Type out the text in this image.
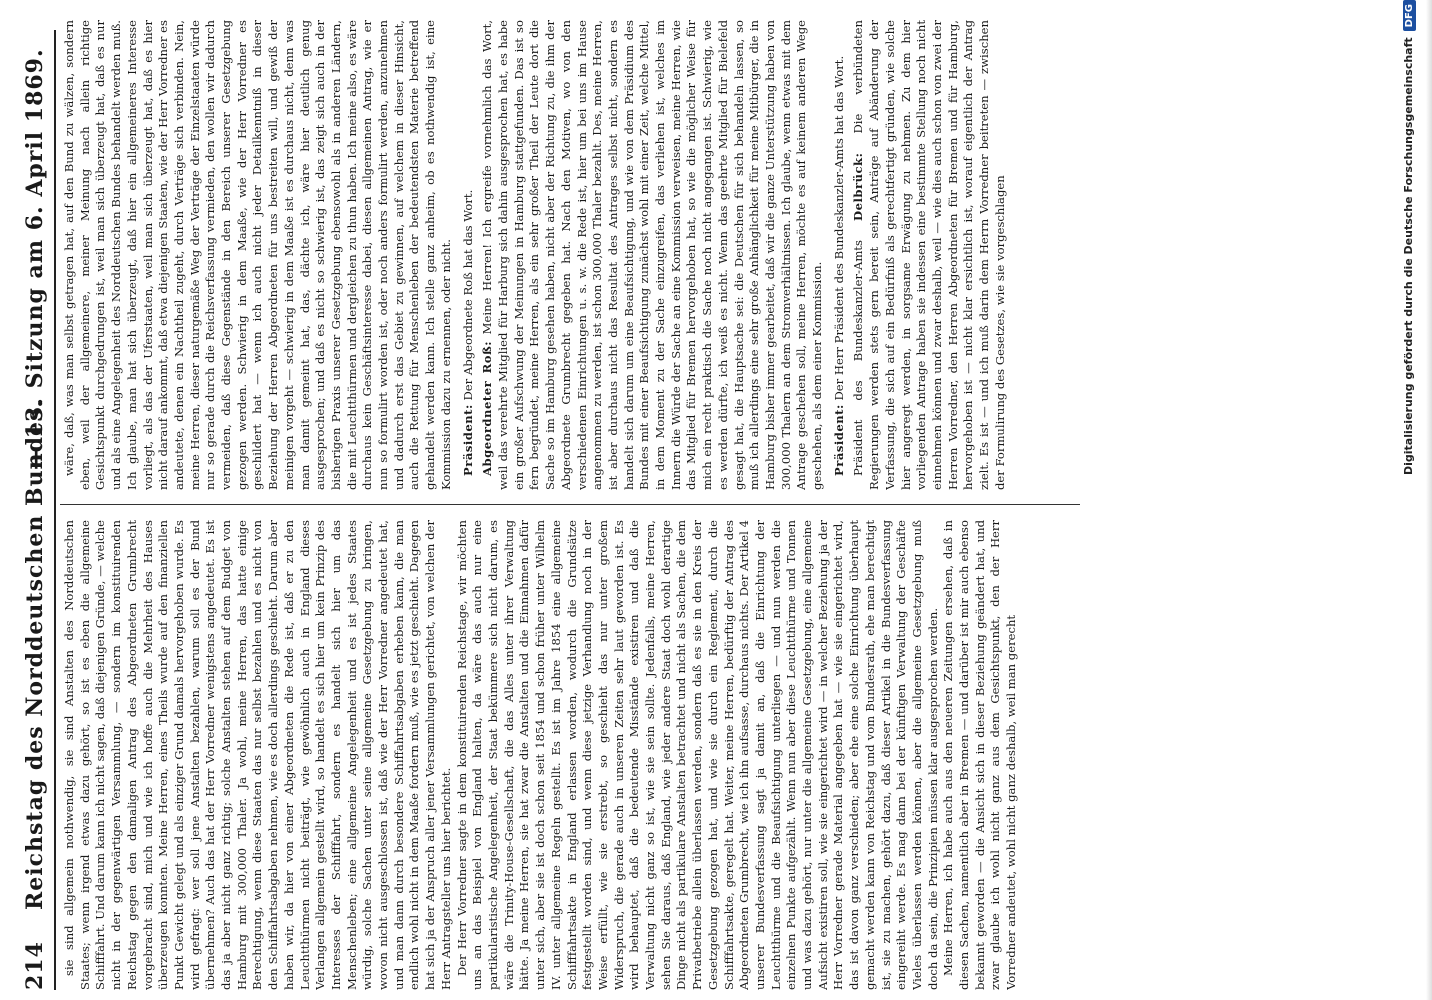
214
Reichstag des Norddeutschen Bundes.
— 13. Sitzung am 6. April 1869.

sie sind allgemein nothwendig, sie sind Anstalten des Norddeutschen Staates; wenn irgend etwas dazu gehört, so ist es eben die allgemeine Schifffahrt. Und darum kann ich nicht sagen, daß diejenigen Gründe, — welche nicht in der gegenwärtigen Versammlung, — sondern im konstituirenden Reichstag gegen den damaligen Antrag des Abgeordneten Grumbrecht vorgebracht sind, mich und wie ich hoffe auch die Mehrheit des Hauses überzeugen konnten. Meine Herren, eines Theils wurde auf den finanziellen Punkt Gewicht gelegt und als einziger Grund damals hervorgehoben wurde. Es wird gefragt: wer soll jene Anstalten bezahlen, warum soll es der Bund übernehmen? Auch das hat der Herr Vorredner wenigstens angedeutet. Es ist das ja aber nicht ganz richtig; solche Anstalten stehen auf dem Budget von Hamburg mit 300,000 Thaler. Ja wohl, meine Herren, das hatte einige Berechtigung, wenn diese Staaten das nur selbst bezahlen und es nicht von den Schiffahrtsabgaben nehmen, wie es doch allerdings geschieht. Darum aber haben wir, da hier von einer Abgeordneten die Rede ist, daß er zu den Leuchtthürmen nicht beiträgt, wie gewöhnlich auch in England dieses Verlangen allgemein gestellt wird, so handelt es sich hier um kein Prinzip des Interesses der Schifffahrt, sondern es handelt sich hier um das Menschenleben; eine allgemeine Angelegenheit und es ist jedes Staates würdig, solche Sachen unter seine allgemeine Gesetzgebung zu bringen, wovon nicht ausgeschlossen ist, daß wie der Herr Vorredner angedeutet hat, und man dann durch besondere Schiffahrtsabgaben erheben kann, die man endlich wohl nicht in dem Maaße fordern muß, wie es jetzt geschieht. Dagegen hat sich ja der Anspruch aller jener Versammlungen gerichtet, von welchen der Herr Antragsteller uns hier berichtet. Der Herr Vorredner sagte in dem konstituirenden Reichstage, wir möchten uns an das Beispiel von England halten, da wäre das auch nur eine partikularistische Angelegenheit, der Staat bekümmere sich nicht darum, es wäre die Trinity-House-Gesellschaft, die das Alles unter ihrer Verwaltung hätte. Ja meine Herren, sie hat zwar die Anstalten und die Einnahmen dafür unter sich, aber sie ist doch schon seit 1854 und schon früher unter Wilhelm IV. unter allgemeine Regeln gestellt. Es ist im Jahre 1854 eine allgemeine Schifffahrtsakte in England erlassen worden, wodurch die Grundsätze festgestellt worden sind, und wenn diese jetzige Verhandlung noch in der Weise erfüllt, wie sie erstrebt, so geschieht das nur unter großem Widerspruch, die gerade auch in unseren Zeiten sehr laut geworden ist. Es wird behauptet, daß die bedeutende Misstände existiren und daß die Verwaltung nicht ganz so ist, wie sie sein sollte. Jedenfalls, meine Herren, sehen Sie daraus, daß England, wie jeder andere Staat doch wohl derartige Dinge nicht als partikulare Anstalten betrachtet und nicht als Sachen, die dem Privatbetriebe allein überlassen werden, sondern daß es sie in den Kreis der Gesetzgebung gezogen hat, und wie sie durch ein Reglement, durch die Schifffahrtsakte, geregelt hat. Weiter, meine Herren, bedürftig der Antrag des Abgeordneten Grumbrecht, wie ich ihn aufsasse, durchaus nichts. Der Artikel 4 unserer Bundesverfassung sagt ja damit an, daß die Einrichtung der Leuchtthürme und die Beaufsichtigung unterliegen — und nun werden die einzelnen Punkte aufgezählt. Wenn nun aber diese Leuchtthürme und Tonnen und was dazu gehört, nur unter die allgemeine Gesetzgebung, eine allgemeine Aufsicht existiren soll, wie sie eingerichtet wird — in welcher Beziehung ja der Herr Vorredner gerade Material angegeben hat — wie sie eingerichtet wird, das ist davon ganz verschieden; aber ehe eine solche Einrichtung überhaupt gemacht werden kann von Reichstag und vom Bundesrath, ehe man berechtigt ist, sie zu machen, gehört dazu, daß dieser Artikel in die Bundesverfassung eingereiht werde. Es mag dann bei der künftigen Verwaltung der Geschäfte Vieles überlassen werden können, aber die allgemeine Gesetzgebung muß doch da sein, die Prinzipien müssen klar ausgesprochen werden. Meine Herren, ich habe auch aus den neueren Zeitungen ersehen, daß in diesen Sachen, namentlich aber in Bremen — und darüber ist mir auch ebenso bekannt geworden — die Ansicht sich in dieser Beziehung geändert hat, und zwar glaube ich wohl nicht ganz aus dem Gesichtspunkt, den der Herr Vorredner andeutet, wohl nicht ganz deshalb, weil man gerecht

wäre, daß, was man selbst getragen hat, auf den Bund zu wälzen, sondern eben, weil der allgemeinere, meiner Meinung nach allein richtige Gesichtspunkt durchgedrungen ist, weil man sich überzeugt hat, daß es nur und als eine Angelegenheit des Norddeutschen Bundes behandelt werden muß. Ich glaube, man hat sich überzeugt, daß hier ein allgemeineres Interesse vorliegt, als das der Uferstaaten, weil man sich überzeugt hat, daß es hier nicht darauf ankommt, daß etwa diejenigen Staaten, wie der Herr Vorredner es andeutete, denen ein Nachtheil zugeht, durch Verträge sich verbinden. Nein, meine Herren, dieser naturgemäße Weg der Verträge der Einzelstaaten würde nur so gerade durch die Reichsverfassung vermieden, den wollen wir dadurch vermeiden, daß diese Gegenstände in den Bereich unserer Gesetzgebung gezogen werden. Schwierig in dem Maaße, wie der Herr Vorredner es geschildert hat — wenn ich auch nicht jeder Detailkenntniß in dieser Beziehung der Herren Abgeordneten für uns bestreiten will, und gewiß der meinigen vorgeht — schwierig in dem Maaße ist es durchaus nicht, denn was man damit gemeint hat, das, dächte ich, wäre hier deutlich genug ausgesprochen; und daß es nicht so schwierig ist, das zeigt sich auch in der bisherigen Praxis unserer Gesetzgebung ebensowohl als in anderen Ländern, die mit Leuchtthürmen und dergleichen zu thun haben. Ich meine also, es wäre durchaus kein Geschäftsinteresse dabei, diesen allgemeinen Antrag, wie er nun so formulirt worden ist, oder noch anders formulirt werden, anzunehmen und dadurch erst das Gebiet zu gewinnen, auf welchem in dieser Hinsicht, auch die Rettung für Menschenleben der bedeutendsten Materie betreffend gehandelt werden kann. Ich stelle ganz anheim, ob es nothwendig ist, eine Kommission dazu zu ernennen, oder nicht. Präsident: Der Abgeordnete Roß hat das Wort.

Abgeordneter Roß: Meine Herren! Ich ergreife vornehmlich das Wort, weil das verehrte Mitglied für Harburg sich dahin ausgesprochen hat, es habe ein großer Aufschwung der Meinungen in Hamburg stattgefunden. Das ist so fern begründet, meine Herren, als ein sehr großer Theil der Leute dort die Sache so im Hamburg gesehen haben, nicht aber der Richtung zu, die ihm der Abgeordnete Grumbrecht gegeben hat. Nach den Motiven, wo von den verschiedenen Einrichtungen u. s. w. die Rede ist, hier um bei uns im Hause angenommen zu werden, ist schon 300,000 Thaler bezahlt. Des, meine Herren, ist aber durchaus nicht das Resultat des Antrages selbst nicht, sondern es handelt sich darum um eine Beaufsichtigung, und wie von dem Präsidium des Bundes mit einer Beaufsichtigung zunächst wohl mit einer Zeit, welche Mittel, in dem Moment zu der Sache einzugreifen, das verliehen ist, welches im Innern die Würde der Sache an eine Kommission verweisen, meine Herren, wie das Mitglied für Bremen hervorgehoben hat, so wie die möglicher Weise für mich ein recht praktisch die Sache noch nicht angegangen ist. Schwierig, wie es werden dürfte, ich weiß es nicht. Wenn das geehrte Mitglied für Bielefeld gesagt hat, die Hauptsache sei: die Deutschen für sich behandeln lassen, so muß ich allerdings eine sehr große Anhänglichkeit für meine Mitbürger, die in Hamburg bisher immer gearbeitet, daß wir die ganze Unterstützung haben von 300,000 Thalern an dem Stromverhältnissen. Ich glaube, wenn etwas mit dem Antrage geschehen soll, meine Herren, möchte es auf keinem anderen Wege geschehen, als dem einer Kommission. Präsident: Der Herr Präsident des Bundeskanzler-Amts hat das Wort. Präsident des Bundeskanzler-Amts Delbrück: Die verbündeten Regierungen werden stets gern bereit sein, Anträge auf Abänderung der Verfassung, die sich auf ein Bedürfniß als gerechtfertigt gründen, wie solche hier angeregt werden, in sorgsame Erwägung zu nehmen. Zu dem hier vorliegenden Antrage haben sie indessen eine bestimmte Stellung noch nicht einnehmen können und zwar deshalb, weil — wie dies auch schon von zwei der Herren Vorredner, den Herren Abgeordneten für Bremen und für Hamburg, hervorgehoben ist — nicht klar ersichtlich ist, worauf eigentlich der Antrag zielt. Es ist — und ich muß darin dem Herrn Vorredner beitreten — zwischen der Formulirung des Gesetzes, wie sie vorgeschlagen	Digitalisierung gefördert durch die Deutsche ForschungsgemeinschaftDFG
